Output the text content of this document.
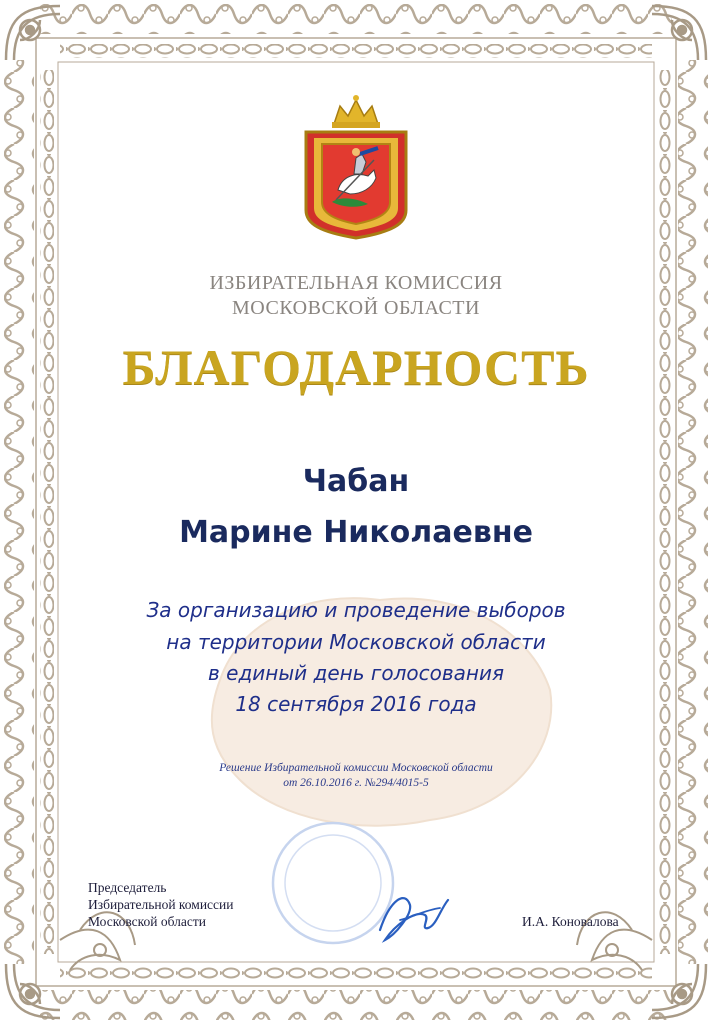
ИЗБИРАТЕЛЬНАЯ КОМИССИЯ
МОСКОВСКОЙ ОБЛАСТИ
БЛАГОДАРНОСТЬ
Чабан
Марине Николаевне
За организацию и проведение выборов
на территории Московской области
в единый день голосования
18 сентября 2016 года
Решение Избирательной комиссии Московской области
от 26.10.2016 г. №294/4015-5
Председатель
Избирательной комиссии
Московской области	И.А. Коновалова
